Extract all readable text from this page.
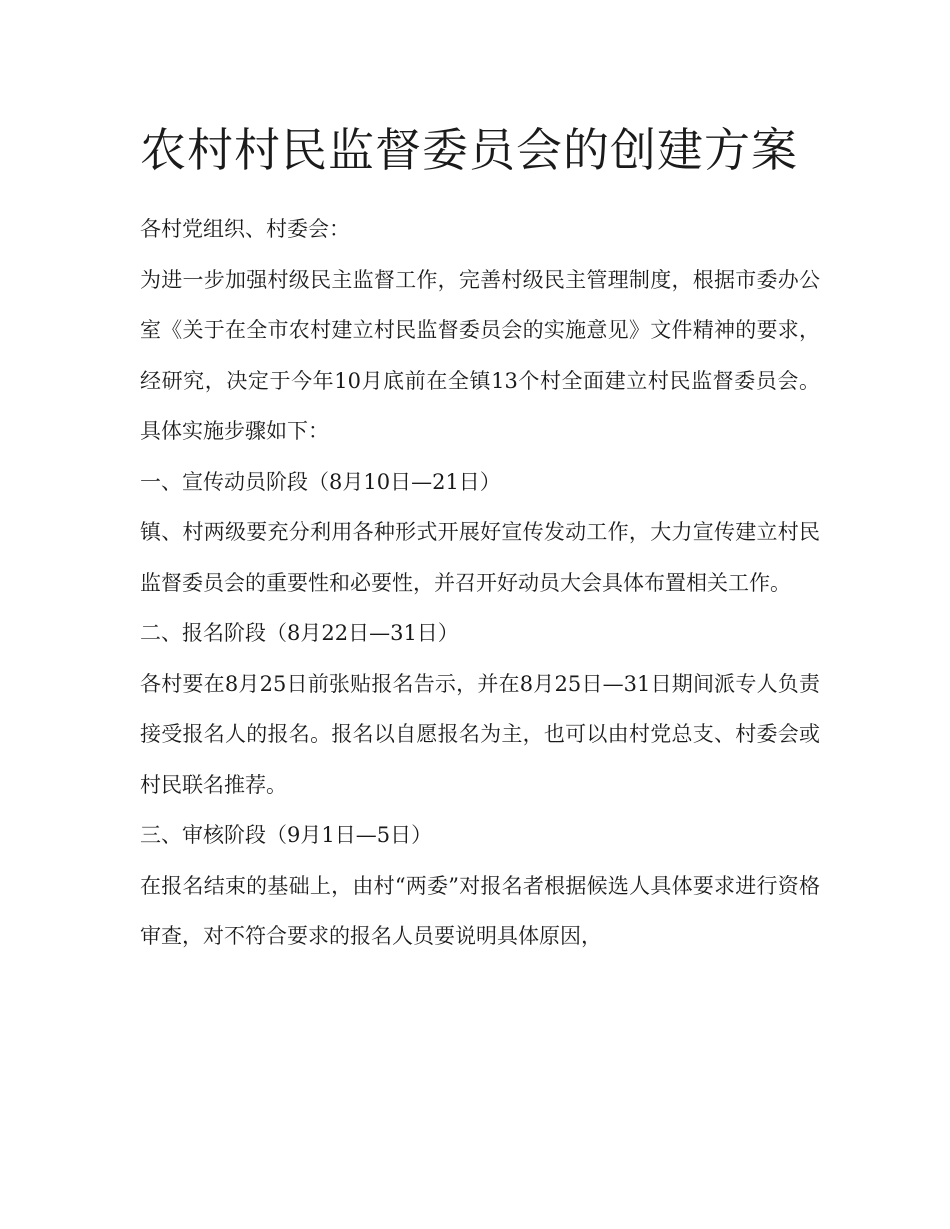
农村村民监督委员会的创建方案

各村党组织、村委会：

为进一步加强村级民主监督工作，完善村级民主管理制度，根据市委办公室《关于在全市农村建立村民监督委员会的实施意见》文件精神的要求，经研究，决定于今年10月底前在全镇13个村全面建立村民监督委员会。具体实施步骤如下：

一、宣传动员阶段（8月10日—21日）

镇、村两级要充分利用各种形式开展好宣传发动工作，大力宣传建立村民监督委员会的重要性和必要性，并召开好动员大会具体布置相关工作。

二、报名阶段（8月22日—31日）

各村要在8月25日前张贴报名告示，并在8月25日—31日期间派专人负责接受报名人的报名。报名以自愿报名为主，也可以由村党总支、村委会或村民联名推荐。

三、审核阶段（9月1日—5日）

在报名结束的基础上，由村“两委”对报名者根据候选人具体要求进行资格审查，对不符合要求的报名人员要说明具体原因，
